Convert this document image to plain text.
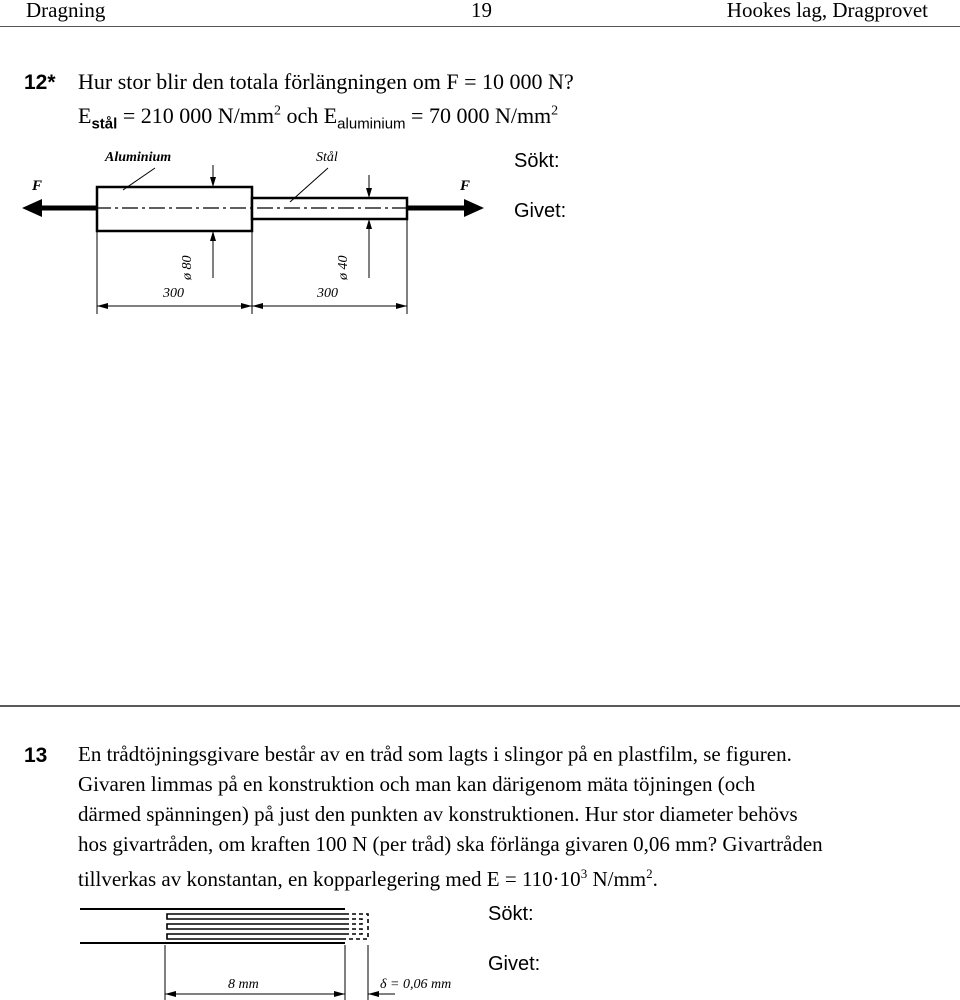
Dragning	19	Hookes lag, Dragprovet
12* Hur stor blir den totala förlängningen om F = 10 000 N?
$E_{stål} = 210$ 000 $N/mm^2$ och $E_{aluminium} = 70$ 000 $N/mm^2$
Aluminium	Stål
F	F
ø 80	ø 40
300	300
Sökt:
Givet:
13 En trådtöjningsgivare består av en tråd som lagts i slingor på en plastfilm, se figuren.
Givaren limmas på en konstruktion och man kan därigenom mäta töjningen (och
därmed spänningen) på just den punkten av konstruktionen. Hur stor diameter behövs
hos givartråden, om kraften 100 N (per tråd) ska förlänga givaren 0,06 mm? Givartråden
tillverkas av konstantan, en kopparlegering med $E = 110\cdot 10^3$ $N/mm^2$.
8 mm	δ = 0,06 mm
Sökt:
Givet:
